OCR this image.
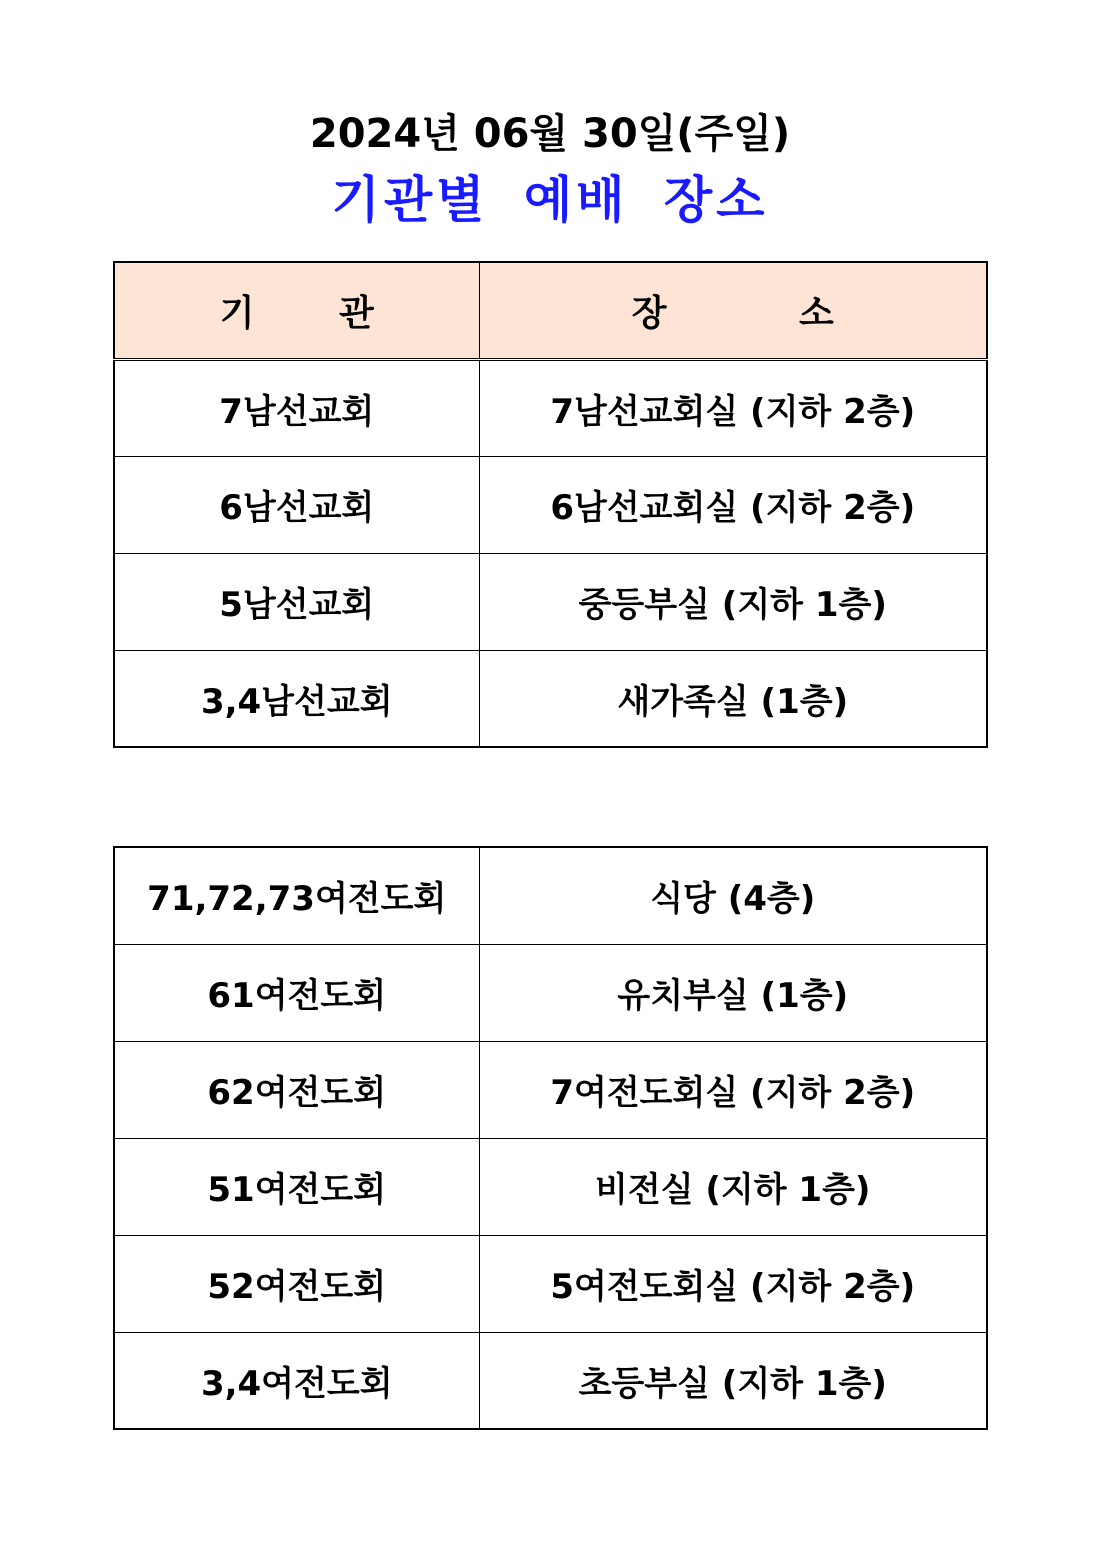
2024년 06월 30일(주일)
기관별 예배 장소
기 관	장 소
7남선교회	7남선교회실 (지하 2층)
6남선교회	6남선교회실 (지하 2층)
5남선교회	중등부실 (지하 1층)
3,4남선교회	새가족실 (1층)
71,72,73여전도회	식당 (4층)
61여전도회	유치부실 (1층)
62여전도회	7여전도회실 (지하 2층)
51여전도회	비전실 (지하 1층)
52여전도회	5여전도회실 (지하 2층)
3,4여전도회	초등부실 (지하 1층)
